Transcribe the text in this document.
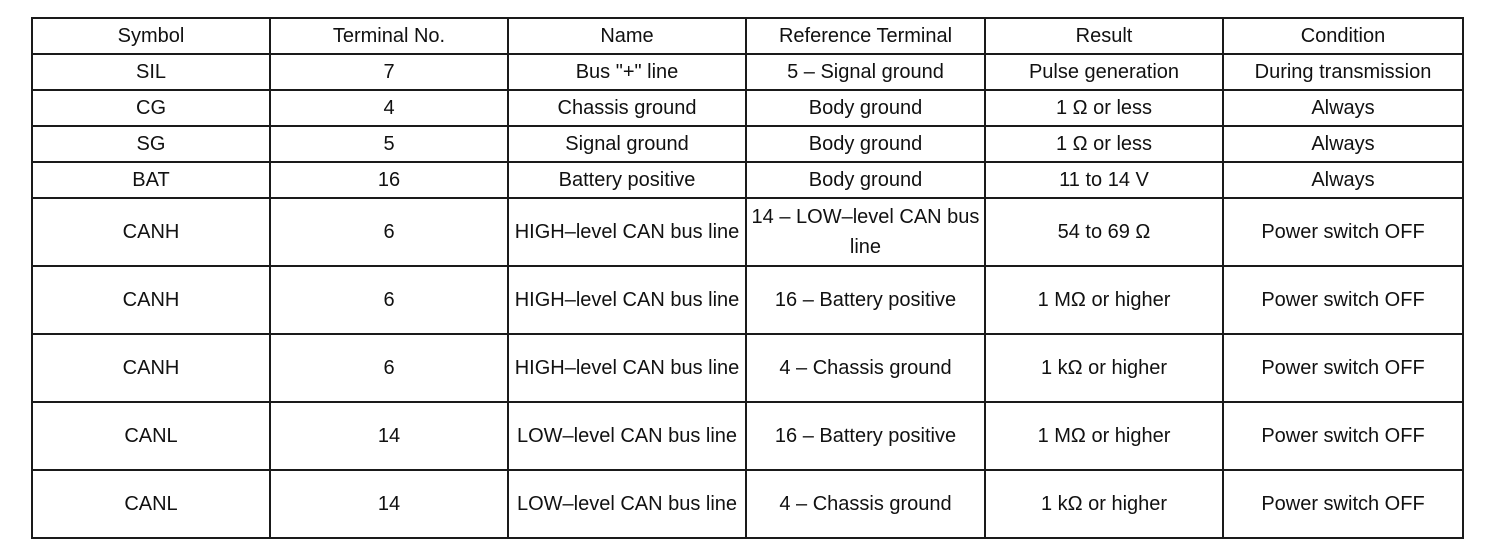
Symbol	Terminal No.	Name	Reference Terminal	Result	Condition
SIL	7	Bus "+" line	5 – Signal ground	Pulse generation	During transmission
CG	4	Chassis ground	Body ground	1 Ω or less	Always
SG	5	Signal ground	Body ground	1 Ω or less	Always
BAT	16	Battery positive	Body ground	11 to 14 V	Always
CANH	6	HIGH–level CAN bus line	14 – LOW–level CAN bus line	54 to 69 Ω	Power switch OFF
CANH	6	HIGH–level CAN bus line	16 – Battery positive	1 MΩ or higher	Power switch OFF
CANH	6	HIGH–level CAN bus line	4 – Chassis ground	1 kΩ or higher	Power switch OFF
CANL	14	LOW–level CAN bus line	16 – Battery positive	1 MΩ or higher	Power switch OFF
CANL	14	LOW–level CAN bus line	4 – Chassis ground	1 kΩ or higher	Power switch OFF
